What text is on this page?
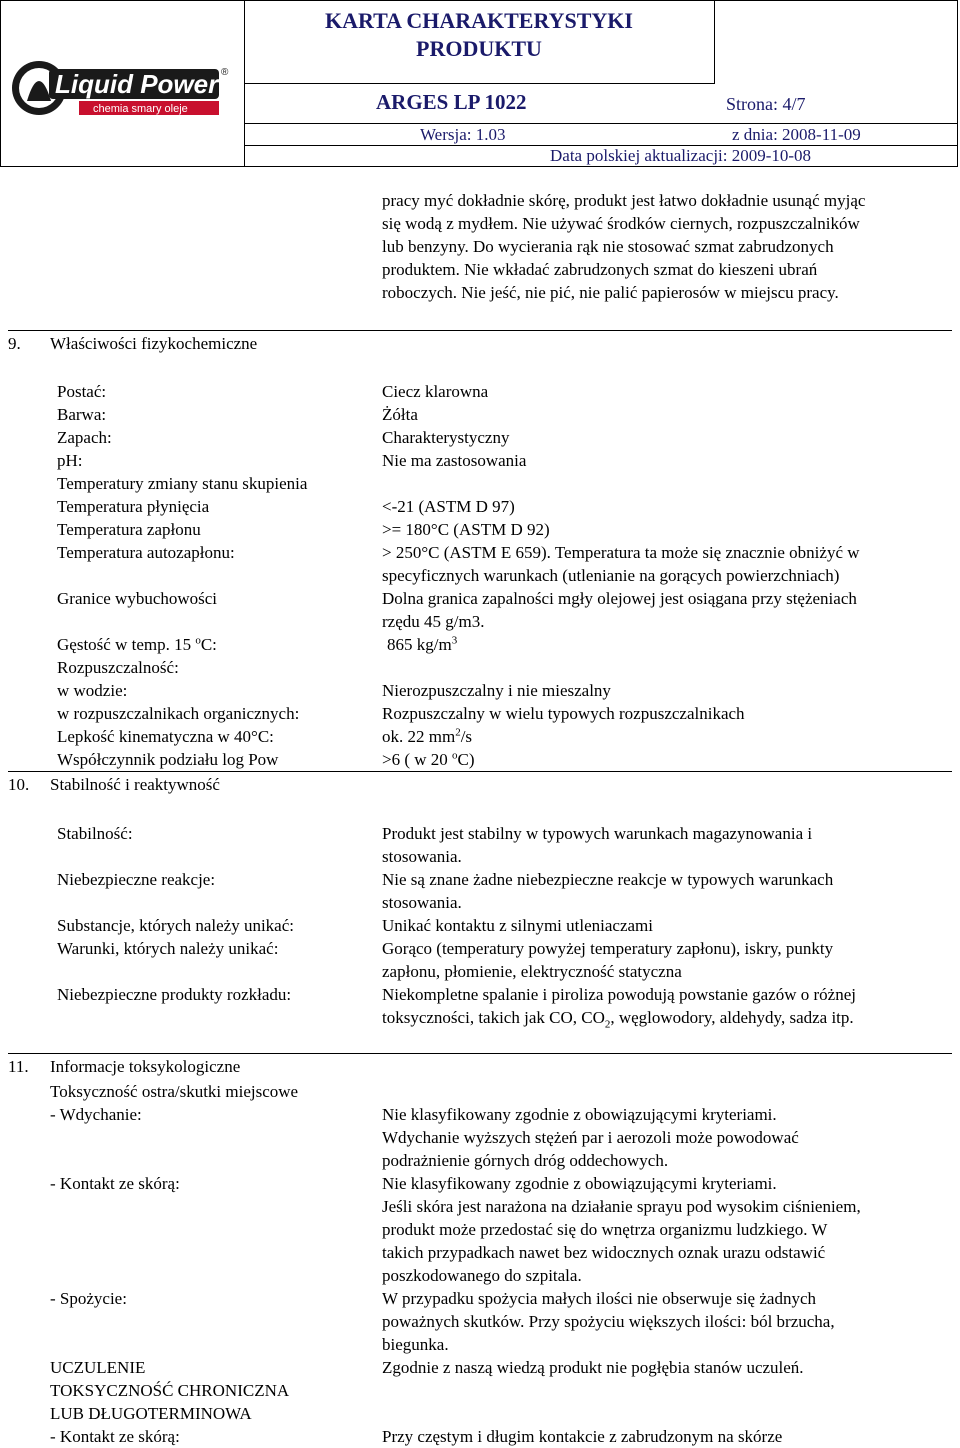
Liquid Power ®
chemia smary oleje
KARTA CHARAKTERYSTYKI
PRODUKTU
ARGES LP 1022	Strona: 4/7
Wersja: 1.03	z dnia: 2008-11-09
Data polskiej aktualizacji: 2009-10-08
pracy myć dokładnie skórę, produkt jest łatwo dokładnie usunąć myjąc
się wodą z mydłem. Nie używać środków ciernych, rozpuszczalników
lub benzyny. Do wycierania rąk nie stosować szmat zabrudzonych
produktem. Nie wkładać zabrudzonych szmat do kieszeni ubrań
roboczych. Nie jeść, nie pić, nie palić papierosów w miejscu pracy.
9. Właściwości fizykochemiczne
Postać:	Ciecz klarowna
Barwa:	Żółta
Zapach:	Charakterystyczny
pH:	Nie ma zastosowania
Temperatury zmiany stanu skupienia
Temperatura płynięcia	<-21 (ASTM D 97)
Temperatura zapłonu	>= 180°C (ASTM D 92)
Temperatura autozapłonu:	> 250°C (ASTM E 659). Temperatura ta może się znacznie obniżyć w
specyficznych warunkach (utlenianie na gorących powierzchniach)
Granice wybuchowości	Dolna granica zapalności mgły olejowej jest osiągana przy stężeniach
rzędu 45 g/m3.
Gęstość w temp. 15 $^o$C:	865 $kg/m^3$
Rozpuszczalność:
w wodzie:	Nierozpuszczalny i nie mieszalny
w rozpuszczalnikach organicznych:	Rozpuszczalny w wielu typowych rozpuszczalnikach
Lepkość kinematyczna w 40°C:	ok. 22 $mm^2/s$
Współczynnik podziału log Pow	>6 ( w 20 $^o$C)
10. Stabilność i reaktywność
Stabilność:	Produkt jest stabilny w typowych warunkach magazynowania i
stosowania.
Niebezpieczne reakcje:	Nie są znane żadne niebezpieczne reakcje w typowych warunkach
stosowania.
Substancje, których należy unikać:	Unikać kontaktu z silnymi utleniaczami
Warunki, których należy unikać:	Gorąco (temperatury powyżej temperatury zapłonu), iskry, punkty
zapłonu, płomienie, elektryczność statyczna
Niebezpieczne produkty rozkładu:	Niekompletne spalanie i piroliza powodują powstanie gazów o różnej
toksyczności, takich jak CO, $CO_2$, węglowodory, aldehydy, sadza itp.
11. Informacje toksykologiczne
Toksyczność ostra/skutki miejscowe
- Wdychanie:	Nie klasyfikowany zgodnie z obowiązującymi kryteriami.
Wdychanie wyższych stężeń par i aerozoli może powodować
podrażnienie górnych dróg oddechowych.
- Kontakt ze skórą:	Nie klasyfikowany zgodnie z obowiązującymi kryteriami.
Jeśli skóra jest narażona na działanie sprayu pod wysokim ciśnieniem,
produkt może przedostać się do wnętrza organizmu ludzkiego. W
takich przypadkach nawet bez widocznych oznak urazu odstawić
poszkodowanego do szpitala.
- Spożycie:	W przypadku spożycia małych ilości nie obserwuje się żadnych
poważnych skutków. Przy spożyciu większych ilości: ból brzucha,
biegunka.
UCZULENIE	Zgodnie z naszą wiedzą produkt nie pogłębia stanów uczuleń.
TOKSYCZNOŚĆ CHRONICZNA
LUB DŁUGOTERMINOWA
- Kontakt ze skórą:	Przy częstym i długim kontakcie z zabrudzonym na skórze
